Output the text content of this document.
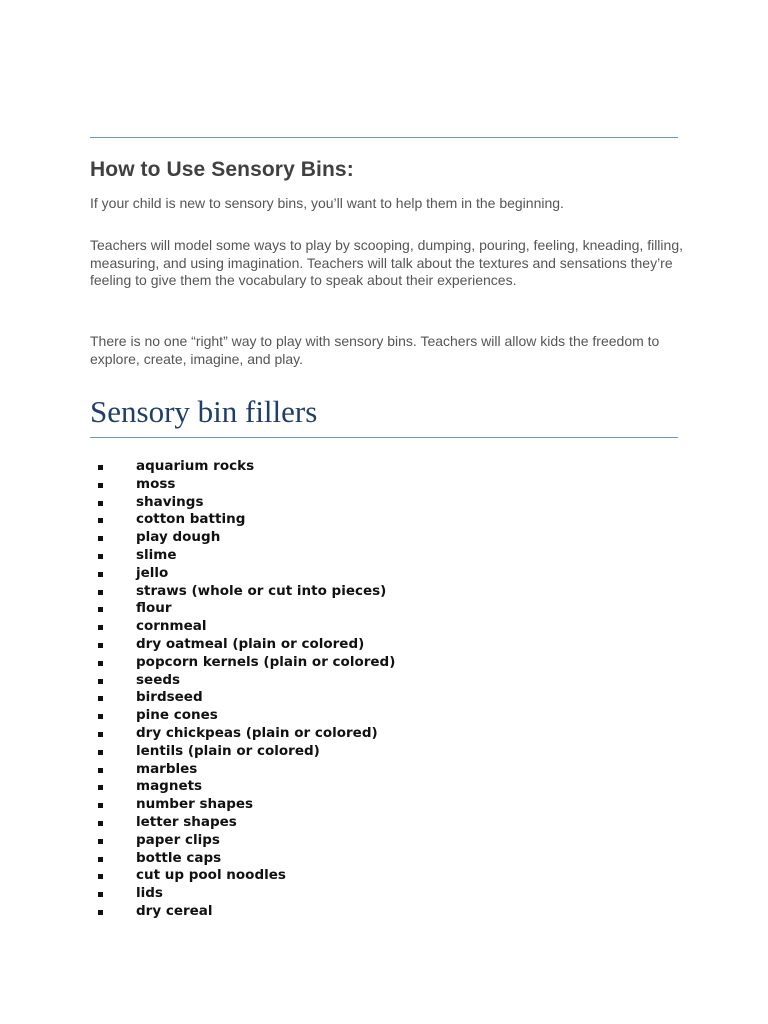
How to Use Sensory Bins:

If your child is new to sensory bins, you’ll want to help them in the beginning.

Teachers will model some ways to play by scooping, dumping, pouring, feeling, kneading, filling, measuring, and using imagination. Teachers will talk about the textures and sensations they’re feeling to give them the vocabulary to speak about their experiences.

There is no one “right” way to play with sensory bins. Teachers will allow kids the freedom to explore, create, imagine, and play.

Sensory bin fillers
aquarium rocks
moss
shavings
cotton batting
play dough
slime
jello
straws (whole or cut into pieces)
flour
cornmeal
dry oatmeal (plain or colored)
popcorn kernels (plain or colored)
seeds
birdseed
pine cones
dry chickpeas (plain or colored)
lentils (plain or colored)
marbles
magnets
number shapes
letter shapes
paper clips
bottle caps
cut up pool noodles
lids
dry cereal
